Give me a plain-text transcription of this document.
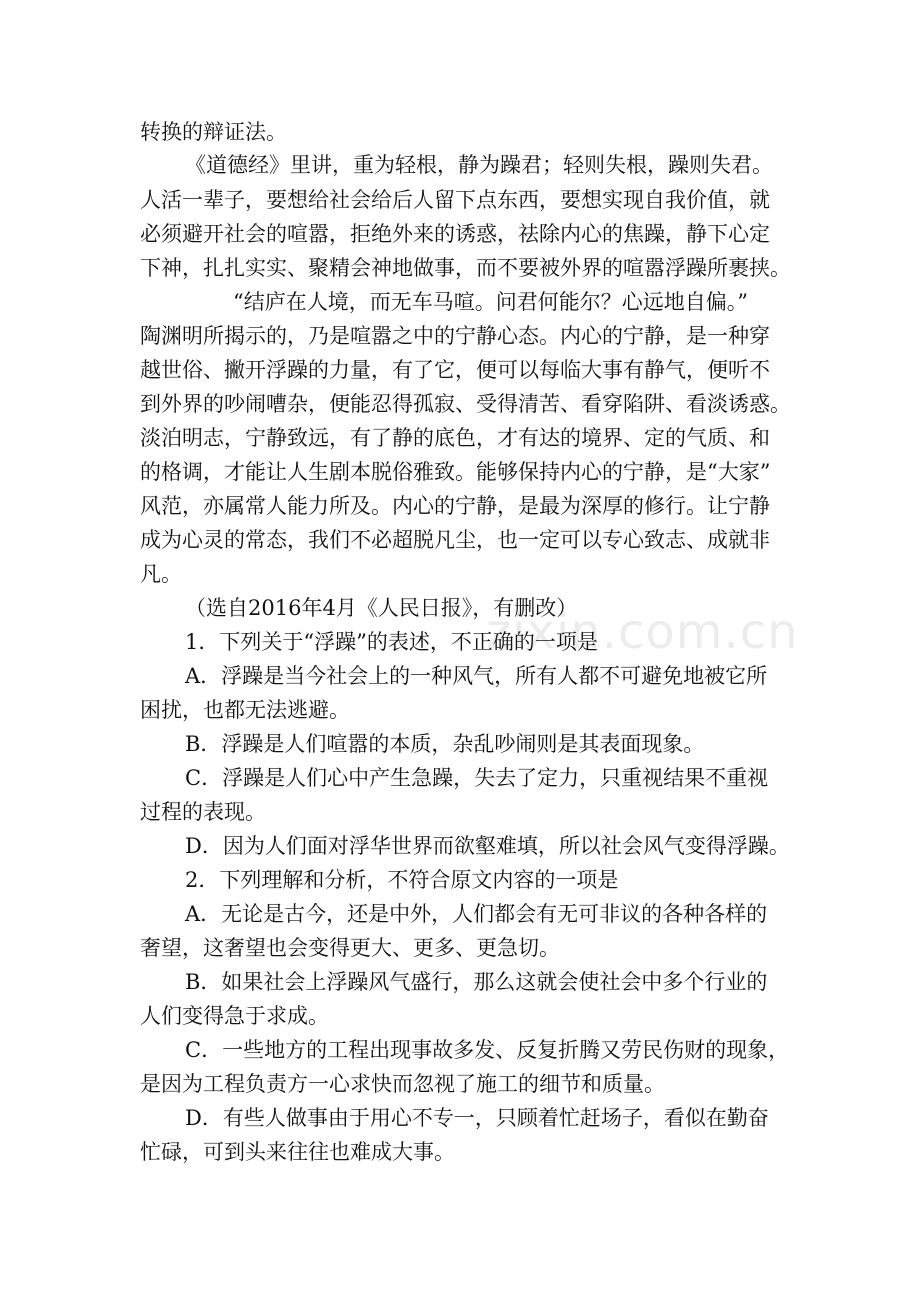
zixin.com.cn
转换的辩证法。
《道德经》里讲，重为轻根，静为躁君；轻则失根，躁则失君。
人活一辈子，要想给社会给后人留下点东西，要想实现自我价值，就
必须避开社会的喧嚣，拒绝外来的诱惑，祛除内心的焦躁，静下心定
下神，扎扎实实、聚精会神地做事，而不要被外界的喧嚣浮躁所裹挟。
“结庐在人境，而无车马喧。问君何能尔？心远地自偏。”
陶渊明所揭示的，乃是喧嚣之中的宁静心态。内心的宁静，是一种穿
越世俗、撇开浮躁的力量，有了它，便可以每临大事有静气，便听不
到外界的吵闹嘈杂，便能忍得孤寂、受得清苦、看穿陷阱、看淡诱惑。
淡泊明志，宁静致远，有了静的底色，才有达的境界、定的气质、和
的格调，才能让人生剧本脱俗雅致。能够保持内心的宁静，是“大家”
风范，亦属常人能力所及。内心的宁静，是最为深厚的修行。让宁静
成为心灵的常态，我们不必超脱凡尘，也一定可以专心致志、成就非
凡。
（选自2016年4月《人民日报》，有删改）
1．下列关于“浮躁”的表述，不正确的一项是
A．浮躁是当今社会上的一种风气，所有人都不可避免地被它所
困扰，也都无法逃避。
B．浮躁是人们喧嚣的本质，杂乱吵闹则是其表面现象。
C．浮躁是人们心中产生急躁，失去了定力，只重视结果不重视
过程的表现。
D．因为人们面对浮华世界而欲壑难填，所以社会风气变得浮躁。
2．下列理解和分析，不符合原文内容的一项是
A．无论是古今，还是中外，人们都会有无可非议的各种各样的
奢望，这奢望也会变得更大、更多、更急切。
B．如果社会上浮躁风气盛行，那么这就会使社会中多个行业的
人们变得急于求成。
C．一些地方的工程出现事故多发、反复折腾又劳民伤财的现象，
是因为工程负责方一心求快而忽视了施工的细节和质量。
D．有些人做事由于用心不专一，只顾着忙赶场子，看似在勤奋
忙碌，可到头来往往也难成大事。
